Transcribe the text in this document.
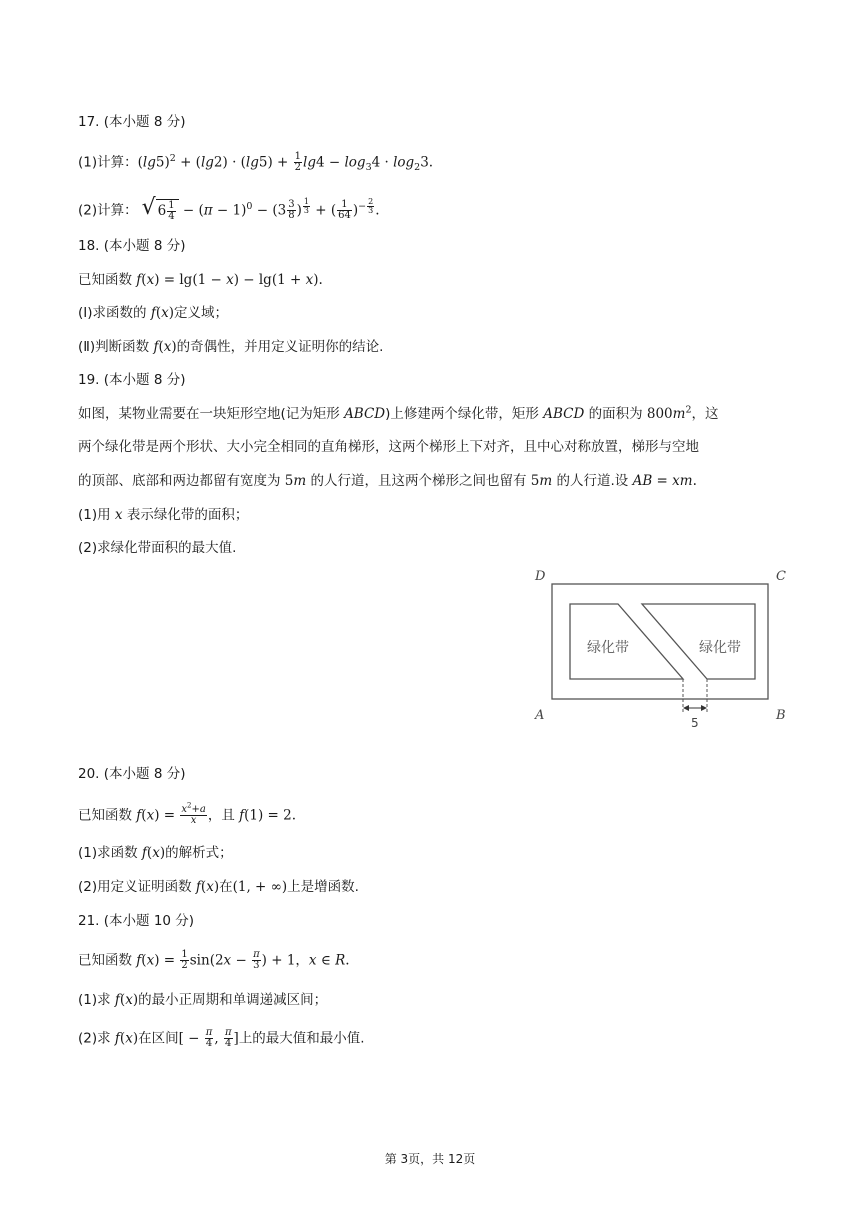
17. (本小题 8 分)
(1)计算：$(\lg 5)^2 + (\lg 2) \cdot (\lg 5) + \frac{1}{2} \lg 4 - \log_34 \cdot \log_23$.
(2)计算： √ $6 \frac{1}{4} - (\pi - 1)^0 - (3 \frac{3}{8}$ ) $^{\frac{1}{3}}$ + ( $\frac{1}{64} )^{- \frac{2}{3}}$ .
18. (本小题 8 分)
已知函数 f(x) = lg(1 − x) − lg(1 + x).
(Ⅰ)求函数的 f(x)定义域；
(Ⅱ)判断函数 f(x)的奇偶性，并用定义证明你的结论.
19. (本小题 8 分)
如图，某物业需要在一块矩形空地(记为矩形 ABCD)上修建两个绿化带，矩形 ABCD 的面积为 $800m^2$，这
两个绿化带是两个形状、大小完全相同的直角梯形，这两个梯形上下对齐，且中心对称放置，梯形与空地
的顶部、底部和两边都留有宽度为 5m 的人行道，且这两个梯形之间也留有 5m 的人行道.设 AB = xm.
(1)用 x 表示绿化带的面积；
(2)求绿化带面积的最大值.
D	C
A	B
绿化带	绿化带
5
20. (本小题 8 分)
已知函数 $f(x) = \frac{x^2+a}{x}$ ，且 f(1) = 2.
(1)求函数 f(x)的解析式；
(2)用定义证明函数 f(x)在(1, + ∞)上是增函数.
21. (本小题 10 分)
已知函数 $f(x) = \frac{1}{2} \sin(2x - \frac{\pi}{3}$ ) + 1，x ∈ R.
(1)求 f(x)的最小正周期和单调递减区间；
(2)求 f(x)在区间[ − $\frac{\pi}{4}$ , $\frac{\pi}{4}$ ]上的最大值和最小值.
第 3页，共 12页
